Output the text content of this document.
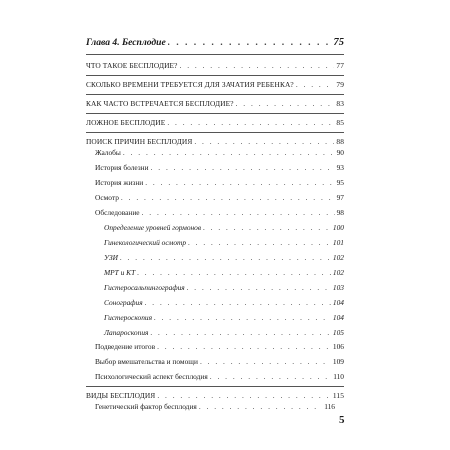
Глава 4. Бесплодие . . .	75
ЧТО ТАКОЕ БЕСПЛОДИЕ? . . .	77
СКОЛЬКО ВРЕМЕНИ ТРЕБУЕТСЯ ДЛЯ ЗАЧАТИЯ РЕБЕНКА? . . .	79
КАК ЧАСТО ВСТРЕЧАЕТСЯ БЕСПЛОДИЕ? . . .	83
ЛОЖНОЕ БЕСПЛОДИЕ . . .	85
ПОИСК ПРИЧИН БЕСПЛОДИЯ . . .	88
Жалобы . . .	90
История болезни . . .	93
История жизни . . .	95
Осмотр . . .	97
Обследование . . .	98
Определение уровней гормонов . . .	100
Гинекологический осмотр . . .	101
УЗИ . . .	102
МРТ и КТ . . .	102
Гистеросальпингография . . .	103
Сонография . . .	104
Гистероскопия . . .	104
Лапароскопия . . .	105
Подведение итогов . . .	106
Выбор вмешательства и помощи . . .	109
Психологический аспект бесплодия . . .	110
ВИДЫ БЕСПЛОДИЯ . . .	115
Генетический фактор бесплодия . . .	116
5
